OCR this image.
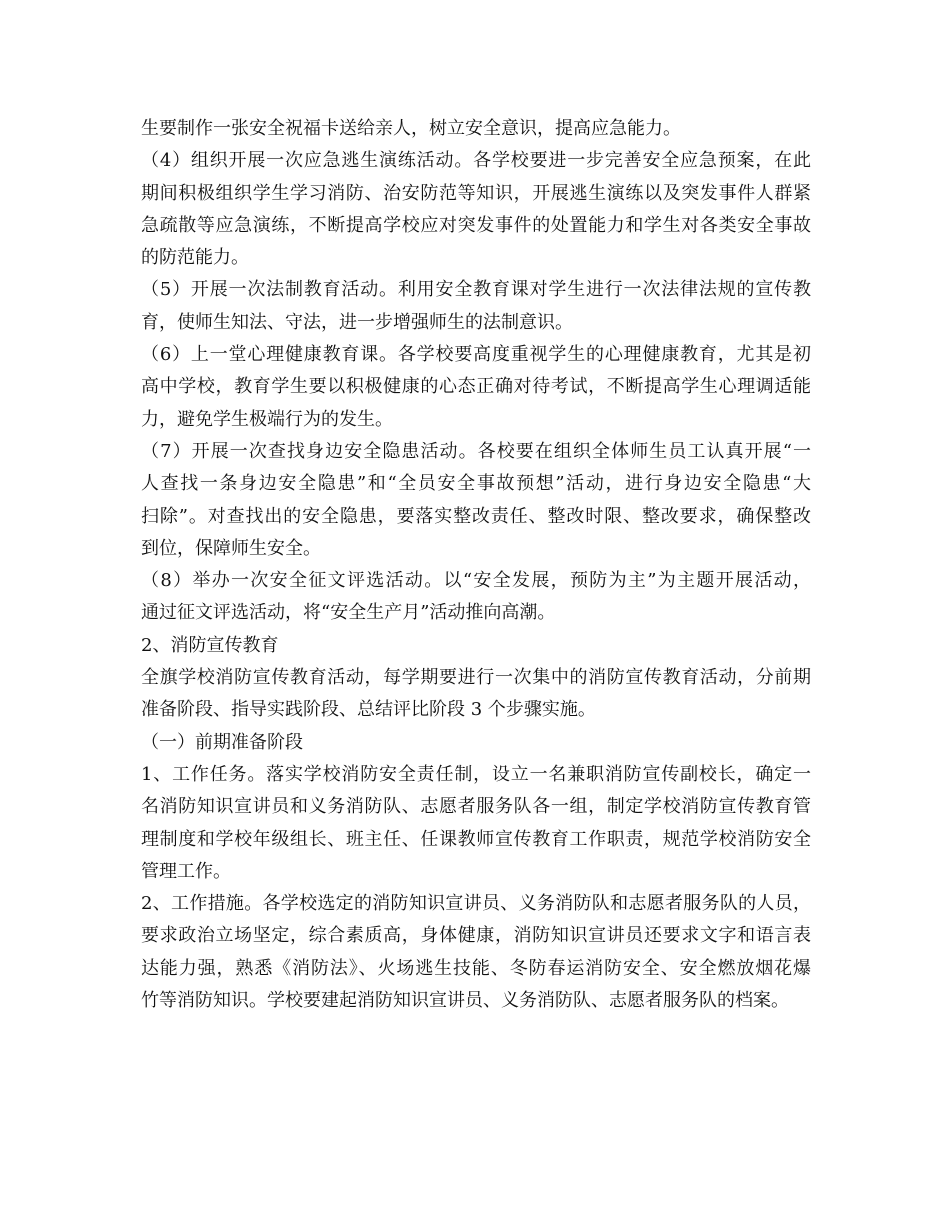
生要制作一张安全祝福卡送给亲人，树立安全意识，提高应急能力。
（4）组织开展一次应急逃生演练活动。各学校要进一步完善安全应急预案，在此
期间积极组织学生学习消防、治安防范等知识，开展逃生演练以及突发事件人群紧
急疏散等应急演练，不断提高学校应对突发事件的处置能力和学生对各类安全事故
的防范能力。
（5）开展一次法制教育活动。利用安全教育课对学生进行一次法律法规的宣传教
育，使师生知法、守法，进一步增强师生的法制意识。
（6）上一堂心理健康教育课。各学校要高度重视学生的心理健康教育，尤其是初
高中学校，教育学生要以积极健康的心态正确对待考试，不断提高学生心理调适能
力，避免学生极端行为的发生。
（7）开展一次查找身边安全隐患活动。各校要在组织全体师生员工认真开展“一
人查找一条身边安全隐患”和“全员安全事故预想”活动，进行身边安全隐患“大
扫除”。对查找出的安全隐患，要落实整改责任、整改时限、整改要求，确保整改
到位，保障师生安全。
（8）举办一次安全征文评选活动。以“安全发展，预防为主”为主题开展活动，
通过征文评选活动，将“安全生产月”活动推向高潮。
2、消防宣传教育
全旗学校消防宣传教育活动，每学期要进行一次集中的消防宣传教育活动，分前期
准备阶段、指导实践阶段、总结评比阶段 3 个步骤实施。
（一）前期准备阶段
1、工作任务。落实学校消防安全责任制，设立一名兼职消防宣传副校长，确定一
名消防知识宣讲员和义务消防队、志愿者服务队各一组，制定学校消防宣传教育管
理制度和学校年级组长、班主任、任课教师宣传教育工作职责，规范学校消防安全
管理工作。
2、工作措施。各学校选定的消防知识宣讲员、义务消防队和志愿者服务队的人员，
要求政治立场坚定，综合素质高，身体健康，消防知识宣讲员还要求文字和语言表
达能力强，熟悉《消防法》、火场逃生技能、冬防春运消防安全、安全燃放烟花爆
竹等消防知识。学校要建起消防知识宣讲员、义务消防队、志愿者服务队的档案。
